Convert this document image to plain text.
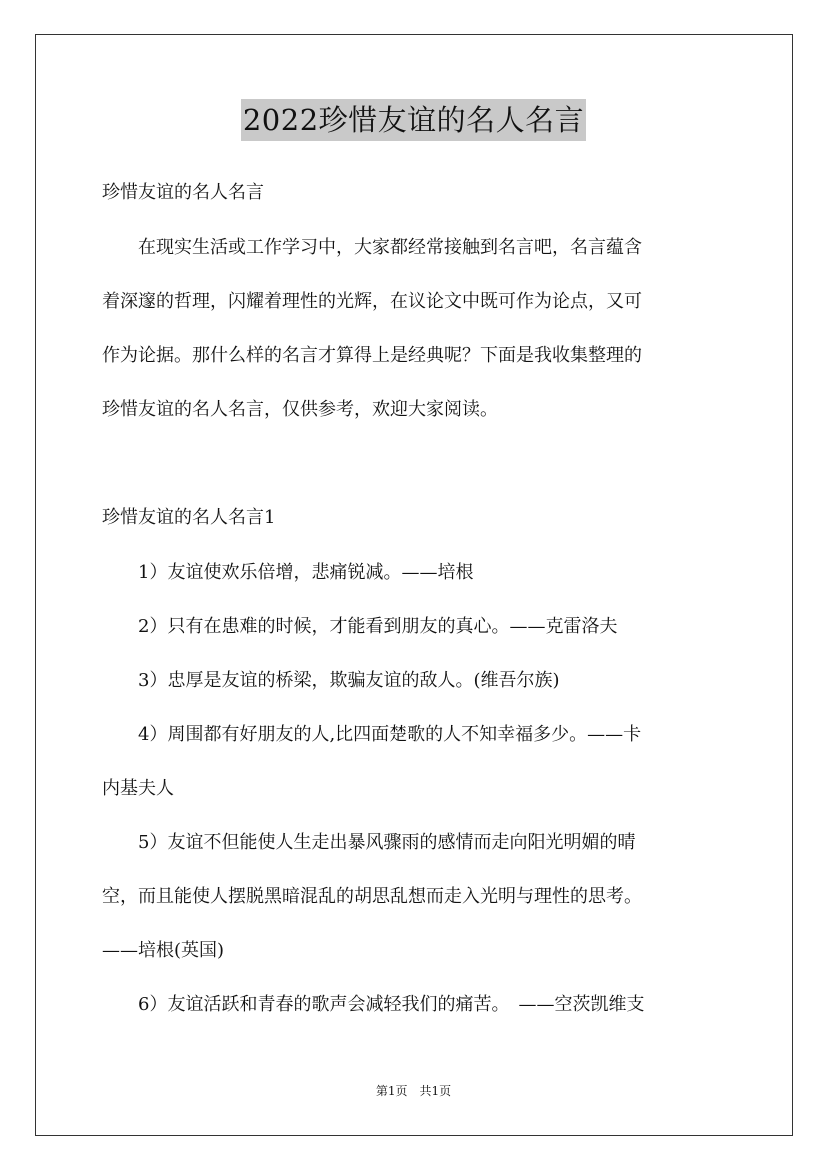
2022珍惜友谊的名人名言
珍惜友谊的名人名言
　　在现实生活或工作学习中，大家都经常接触到名言吧，名言蕴含
着深邃的哲理，闪耀着理性的光辉，在议论文中既可作为论点，又可
作为论据。那什么样的名言才算得上是经典呢？下面是我收集整理的
珍惜友谊的名人名言，仅供参考，欢迎大家阅读。
珍惜友谊的名人名言1
　　1）友谊使欢乐倍增，悲痛锐减。——培根
　　2）只有在患难的时候，才能看到朋友的真心。——克雷洛夫
　　3）忠厚是友谊的桥梁，欺骗友谊的敌人。(维吾尔族)
　　4）周围都有好朋友的人,比四面楚歌的人不知幸福多少。——卡
内基夫人
　　5）友谊不但能使人生走出暴风骤雨的感情而走向阳光明媚的晴
空，而且能使人摆脱黑暗混乱的胡思乱想而走入光明与理性的思考。
——培根(英国)
　　6）友谊活跃和青春的歌声会减轻我们的痛苦。　——空茨凯维支
第1页　共1页
